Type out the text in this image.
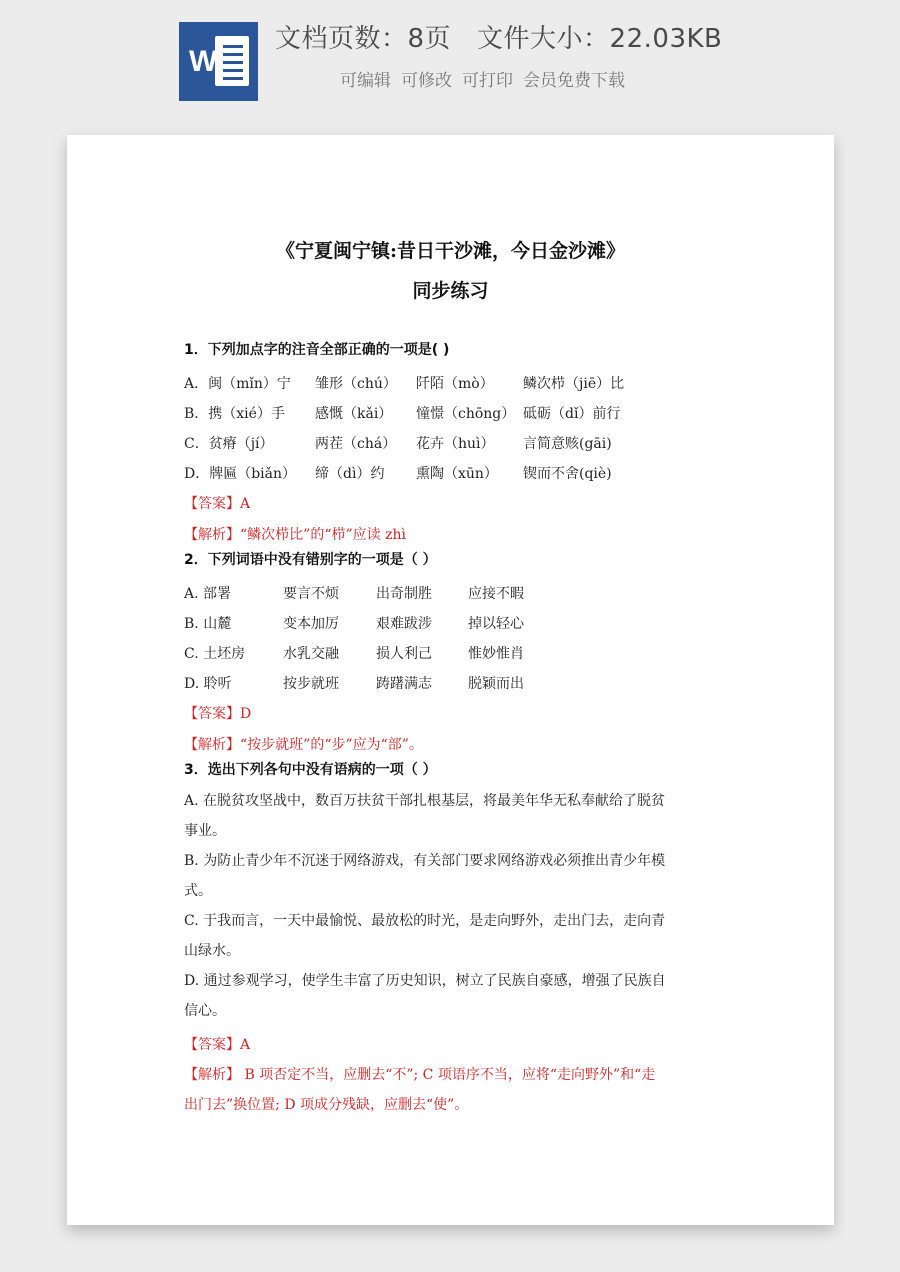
W
文档页数：8页 文件大小：22.03KB
可编辑 可修改 可打印 会员免费下载
《宁夏闽宁镇:昔日干沙滩，今日金沙滩》
同步练习
1．下列加点字的注音全部正确的一项是( )
A．闽（mǐn）宁 雏形（chú） 阡陌（mò） 鳞次栉（jiē）比
B．携（xié）手 感慨（kǎi） 憧憬（chōng） 砥砺（dǐ）前行
C．贫瘠（jí）	两茬（chá） 花卉（huì） 言简意赅(gāi)
D．牌匾（biǎn） 缔（dì）约 熏陶（xūn） 锲而不舍(qiè)
【答案】A
【解析】“鳞次栉比”的“栉”应读 zhì
2．下列词语中没有错别字的一项是（ ）
A. 部署	要言不烦	出奇制胜	应接不暇
B. 山麓	变本加厉	艰难跋涉	掉以轻心
C. 土坯房	水乳交融	损人利己	惟妙惟肖
D. 聆听	按步就班	踌躇满志	脱颖而出
【答案】D
【解析】“按步就班”的“步”应为“部”。
3．选出下列各句中没有语病的一项（ ）
A. 在脱贫攻坚战中，数百万扶贫干部扎根基层，将最美年华无私奉献给了脱贫
事业。
B. 为防止青少年不沉迷于网络游戏，有关部门要求网络游戏必须推出青少年模
式。
C. 于我而言，一天中最愉悦、最放松的时光，是走向野外，走出门去，走向青
山绿水。
D. 通过参观学习，使学生丰富了历史知识，树立了民族自豪感，增强了民族自
信心。
【答案】A
【解析】 B 项否定不当，应删去“不”; C 项语序不当，应将“走向野外”和“走
出门去”换位置; D 项成分残缺，应删去“使”。
